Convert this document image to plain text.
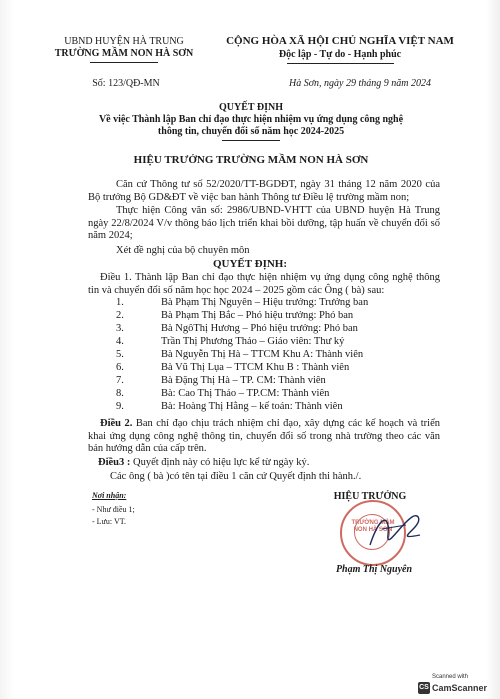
UBND HUYỆN HÀ TRUNG
TRƯỜNG MẦM NON HÀ SƠN
CỘNG HÒA XÃ HỘI CHỦ NGHĨA VIỆT NAM
Độc lập - Tự do - Hạnh phúc
Số: 123/QĐ-MN	Hà Sơn, ngày 29 tháng 9 năm 2024
QUYẾT ĐỊNH
Về việc Thành lập Ban chỉ đạo thực hiện nhiệm vụ ứng dụng công nghệ
thông tin, chuyển đổi số năm học 2024-2025
HIỆU TRƯỞNG TRƯỜNG MẦM NON HÀ SƠN
Căn cứ Thông tư số 52/2020/TT-BGDĐT, ngày 31 tháng 12 năm 2020 của Bộ trưởng Bộ GD&ĐT về việc ban hành Thông tư Điều lệ trường mầm non;
Thực hiện Công văn số: 2986/UBND-VHTT của UBND huyện Hà Trung ngày 22/8/2024 V/v thông báo lịch triển khai bồi dưỡng, tập huấn về chuyển đổi số năm 2024;
Xét đề nghị của bộ chuyên môn
QUYẾT ĐỊNH:
Điều 1. Thành lập Ban chỉ đạo thực hiện nhiệm vụ ứng dụng công nghệ thông tin và chuyển đổi số năm học học 2024 – 2025 gồm các Ông ( bà) sau:
1.	Bà Phạm Thị Nguyên – Hiệu trưởng: Trưởng ban
2.	Bà Phạm Thị Bắc – Phó hiệu trưởng: Phó ban
3.	Bà NgôThị Hương – Phó hiệu trưởng: Phó ban
4.	Trần Thị Phương Thảo – Giáo viên: Thư ký
5.	Bà Nguyễn Thị Hà – TTCM Khu A: Thành viên
6.	Bà Vũ Thị Lụa – TTCM Khu B : Thành viên
7.	Bà Đặng Thị Hà – TP. CM: Thành viên
8.	Bà: Cao Thị Thảo – TP.CM: Thành viên
9.	Bà: Hoàng Thị Hằng – kế toán: Thành viên
Điều 2. Ban chỉ đạo chịu trách nhiệm chỉ đạo, xây dựng các kế hoạch và triển khai ứng dụng công nghệ thông tin, chuyển đổi số trong nhà trường theo các văn bản hướng dẫn của cấp trên.
Điều3 : Quyết định này có hiệu lực kể từ ngày ký.
Các ông ( bà )có tên tại điều 1 căn cứ Quyết định thi hành./.
Nơi nhận:
- Như điều 1;
- Lưu: VT.
HIỆU TRƯỞNG
TRƯỜNG MẦM NON HÀ SƠN
Phạm Thị Nguyên
CS
Scanned with
CamScanner
